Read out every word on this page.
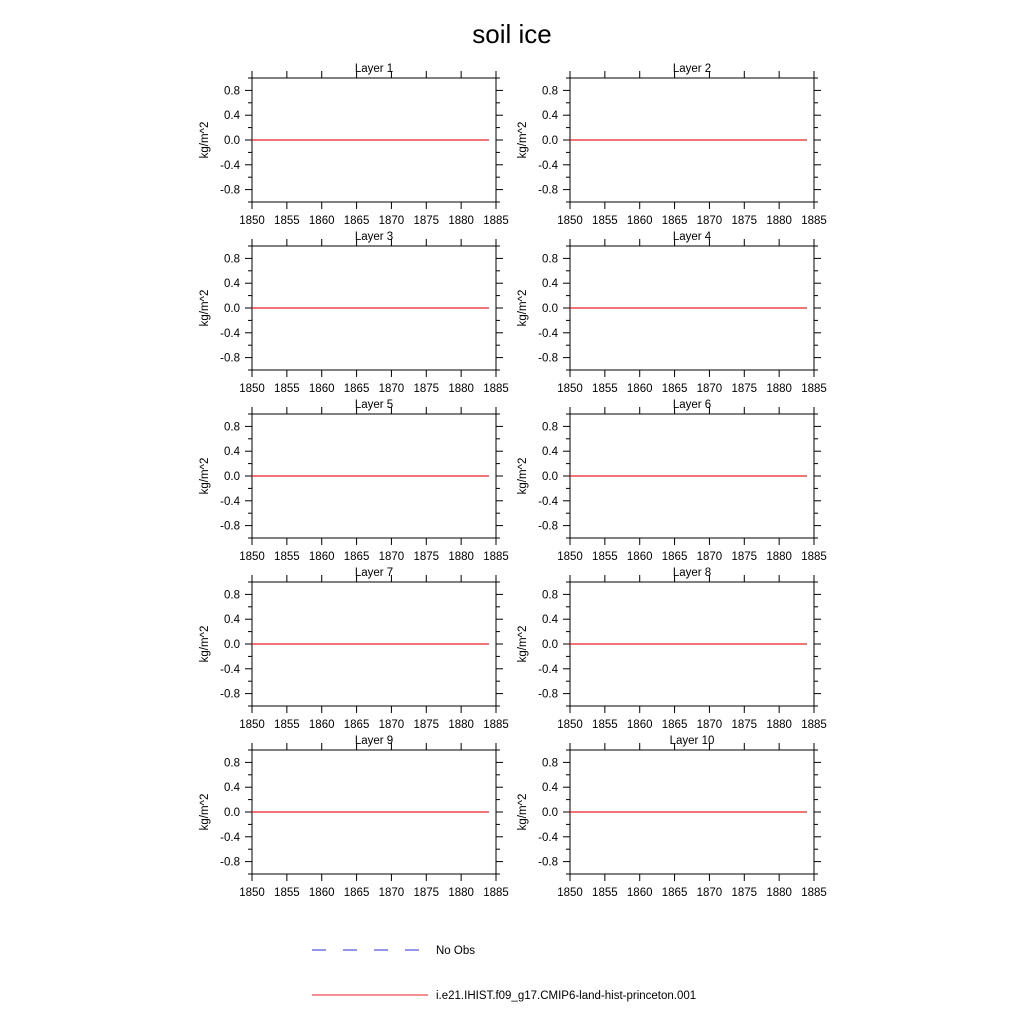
soil ice
Layer 1
1850 1855 1860 1865 1870 1875 1880 1885
0.8
0.4
0.0
-0.4
-0.8
kg/m^2
Layer 2
1850 1855 1860 1865 1870 1875 1880 1885
0.8
0.4
0.0
-0.4
-0.8
kg/m^2
Layer 3
1850 1855 1860 1865 1870 1875 1880 1885
0.8
0.4
0.0
-0.4
-0.8
kg/m^2
Layer 4
1850 1855 1860 1865 1870 1875 1880 1885
0.8
0.4
0.0
-0.4
-0.8
kg/m^2
Layer 5
1850 1855 1860 1865 1870 1875 1880 1885
0.8
0.4
0.0
-0.4
-0.8
kg/m^2
Layer 6
1850 1855 1860 1865 1870 1875 1880 1885
0.8
0.4
0.0
-0.4
-0.8
kg/m^2
Layer 7
1850 1855 1860 1865 1870 1875 1880 1885
0.8
0.4
0.0
-0.4
-0.8
kg/m^2
Layer 8
1850 1855 1860 1865 1870 1875 1880 1885
0.8
0.4
0.0
-0.4
-0.8
kg/m^2
Layer 9
1850 1855 1860 1865 1870 1875 1880 1885
0.8
0.4
0.0
-0.4
-0.8
kg/m^2
Layer 10
1850 1855 1860 1865 1870 1875 1880 1885
0.8
0.4
0.0
-0.4
-0.8
kg/m^2
No Obs
i.e21.IHIST.f09_g17.CMIP6-land-hist-princeton.001
